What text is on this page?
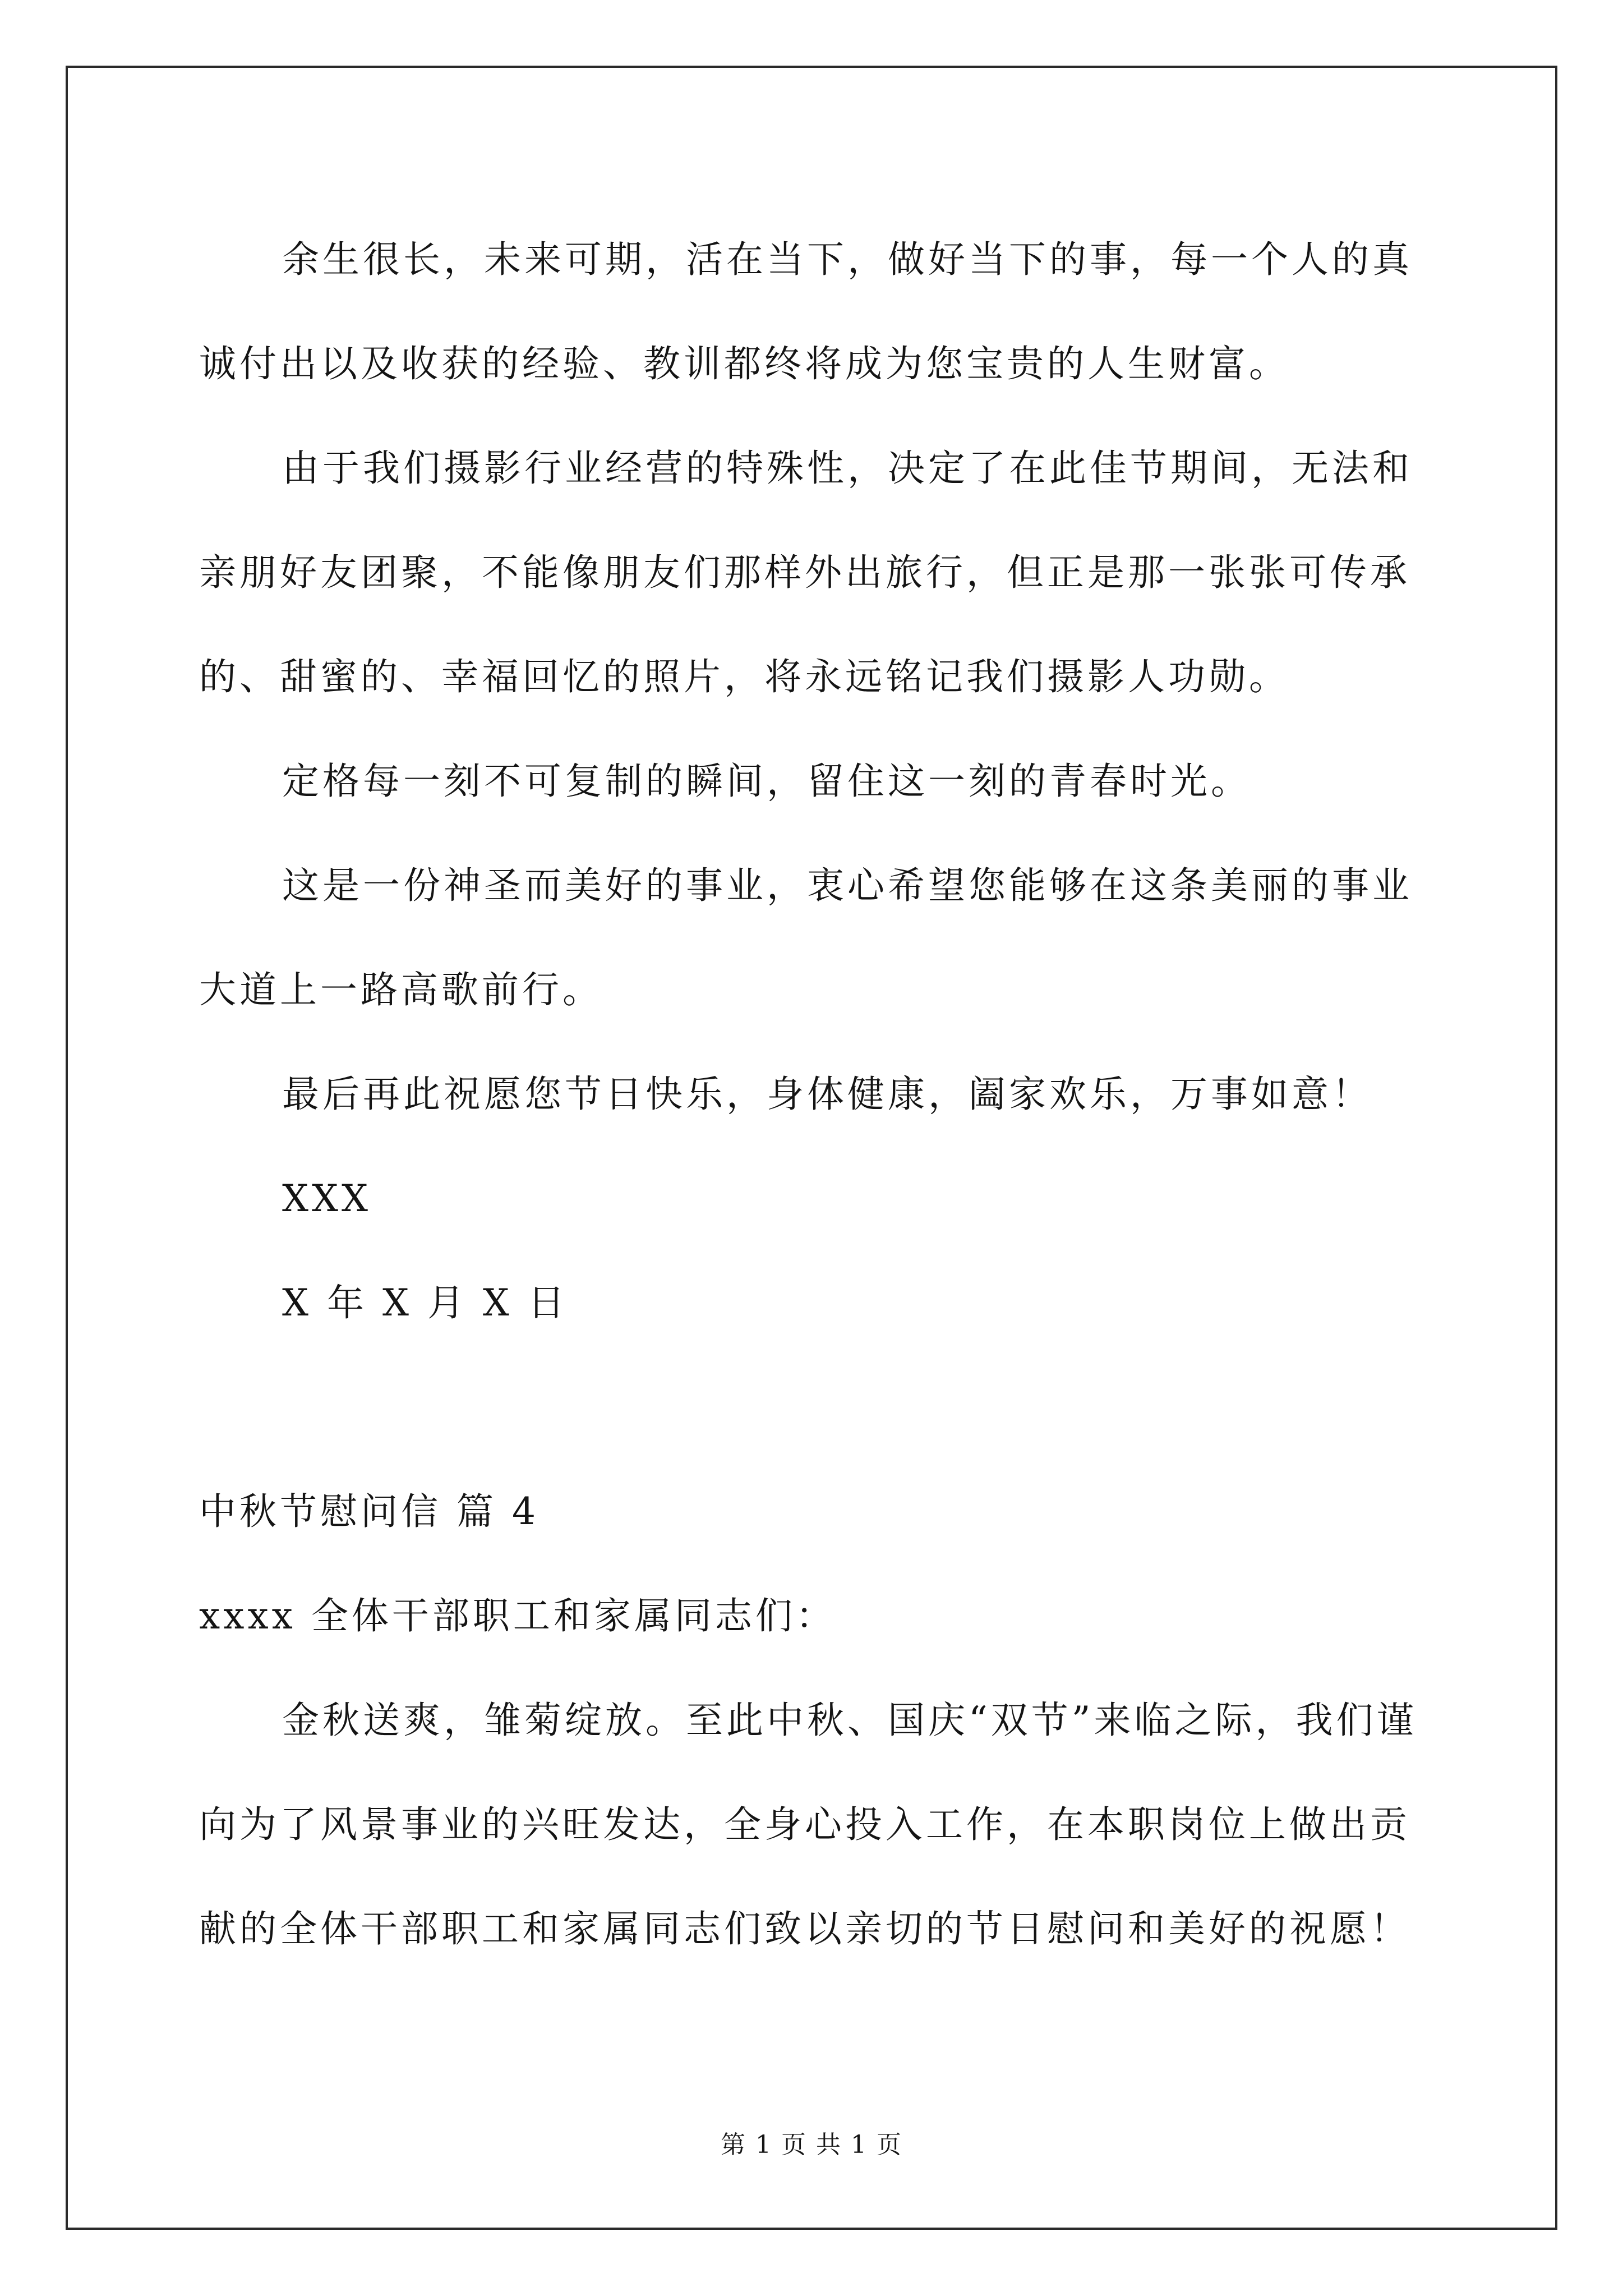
余生很长，未来可期，活在当下，做好当下的事，每一个人的真诚付出以及收获的经验、教训都终将成为您宝贵的人生财富。

由于我们摄影行业经营的特殊性，决定了在此佳节期间，无法和亲朋好友团聚，不能像朋友们那样外出旅行，但正是那一张张可传承的、甜蜜的、幸福回忆的照片，将永远铭记我们摄影人功勋。

定格每一刻不可复制的瞬间，留住这一刻的青春时光。

这是一份神圣而美好的事业，衷心希望您能够在这条美丽的事业大道上一路高歌前行。

最后再此祝愿您节日快乐，身体健康，阖家欢乐，万事如意！

XXX

X 年 X 月 X 日

中秋节慰问信 篇 4

xxxx 全体干部职工和家属同志们：

金秋送爽，雏菊绽放。至此中秋、国庆“双节”来临之际，我们谨向为了风景事业的兴旺发达，全身心投入工作，在本职岗位上做出贡献的全体干部职工和家属同志们致以亲切的节日慰问和美好的祝愿！

第 1 页 共 1 页
